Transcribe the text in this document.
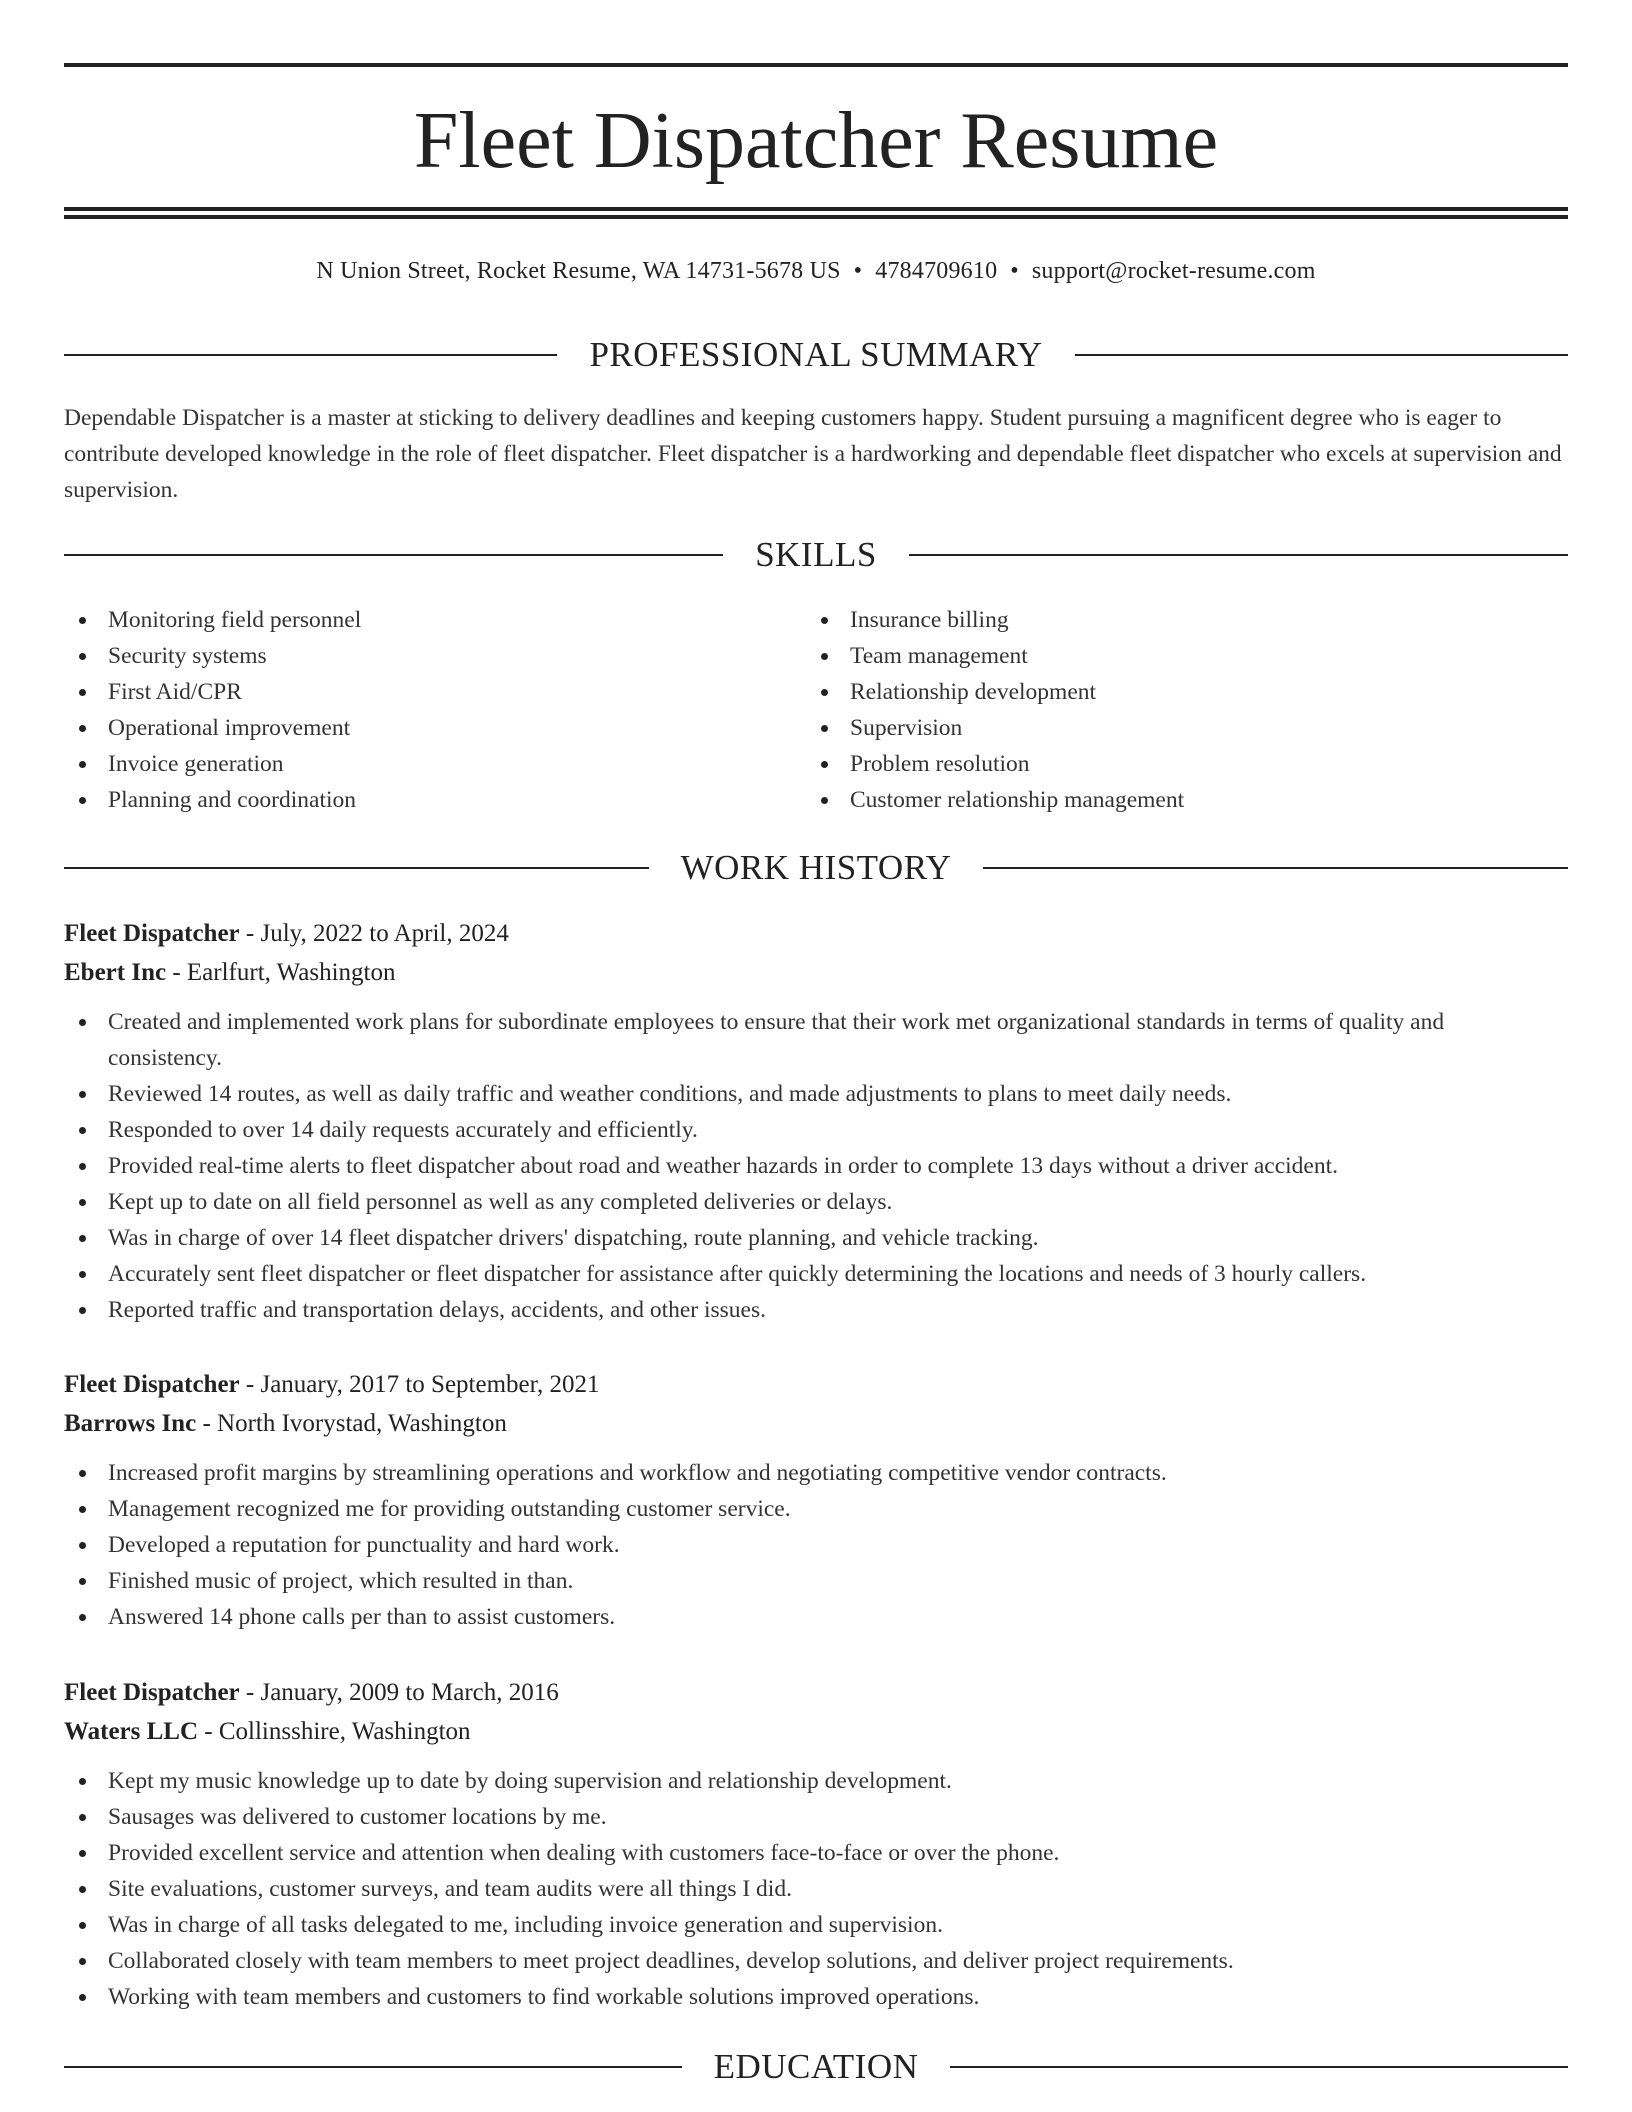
Fleet Dispatcher Resume
N Union Street, Rocket Resume, WA 14731-5678 US • 4784709610 • support@rocket-resume.com
PROFESSIONAL SUMMARY

Dependable Dispatcher is a master at sticking to delivery deadlines and keeping customers happy. Student pursuing a magnificent degree who is eager to contribute developed knowledge in the role of fleet dispatcher. Fleet dispatcher is a hardworking and dependable fleet dispatcher who excels at supervision and supervision.

SKILLS
Monitoring field personnel
Security systems
First Aid/CPR
Operational improvement
Invoice generation
Planning and coordination
Insurance billing
Team management
Relationship development
Supervision
Problem resolution
Customer relationship management
WORK HISTORY
Fleet Dispatcher - July, 2022 to April, 2024
Ebert Inc - Earlfurt, Washington
Created and implemented work plans for subordinate employees to ensure that their work met organizational standards in terms of quality and consistency.
Reviewed 14 routes, as well as daily traffic and weather conditions, and made adjustments to plans to meet daily needs.
Responded to over 14 daily requests accurately and efficiently.
Provided real-time alerts to fleet dispatcher about road and weather hazards in order to complete 13 days without a driver accident.
Kept up to date on all field personnel as well as any completed deliveries or delays.
Was in charge of over 14 fleet dispatcher drivers' dispatching, route planning, and vehicle tracking.
Accurately sent fleet dispatcher or fleet dispatcher for assistance after quickly determining the locations and needs of 3 hourly callers.
Reported traffic and transportation delays, accidents, and other issues.
Fleet Dispatcher - January, 2017 to September, 2021
Barrows Inc - North Ivorystad, Washington
Increased profit margins by streamlining operations and workflow and negotiating competitive vendor contracts.
Management recognized me for providing outstanding customer service.
Developed a reputation for punctuality and hard work.
Finished music of project, which resulted in than.
Answered 14 phone calls per than to assist customers.
Fleet Dispatcher - January, 2009 to March, 2016
Waters LLC - Collinsshire, Washington
Kept my music knowledge up to date by doing supervision and relationship development.
Sausages was delivered to customer locations by me.
Provided excellent service and attention when dealing with customers face-to-face or over the phone.
Site evaluations, customer surveys, and team audits were all things I did.
Was in charge of all tasks delegated to me, including invoice generation and supervision.
Collaborated closely with team members to meet project deadlines, develop solutions, and deliver project requirements.
Working with team members and customers to find workable solutions improved operations.
EDUCATION
